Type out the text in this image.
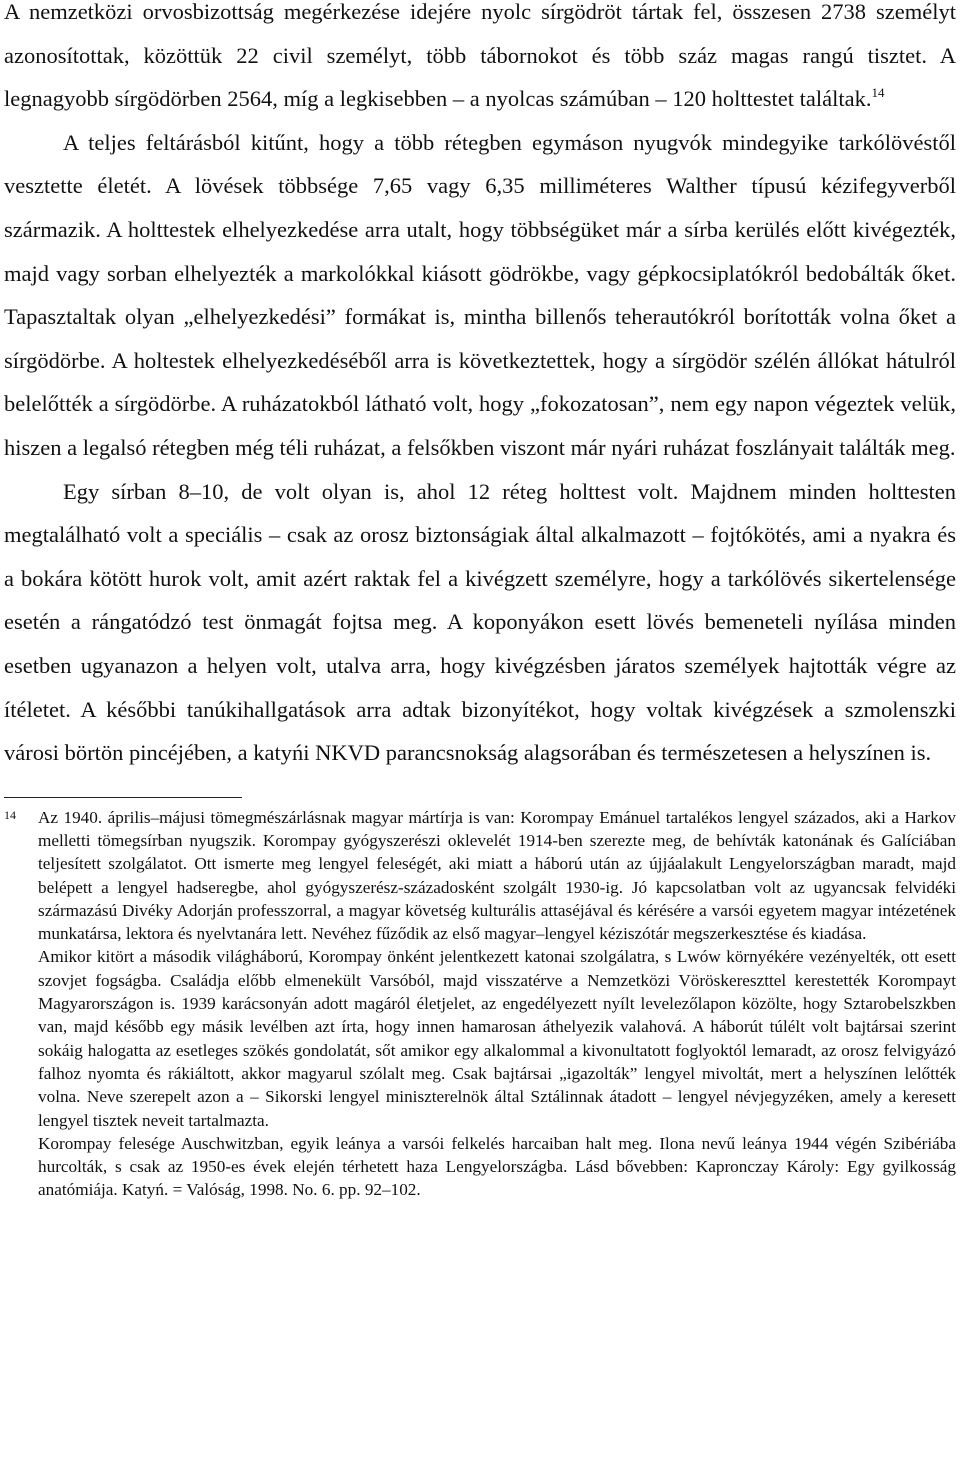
A nemzetközi orvosbizottság megérkezése idejére nyolc sírgödröt tártak fel, összesen 2738 személyt azonosítottak, közöttük 22 civil személyt, több tábornokot és több száz magas rangú tisztet. A legnagyobb sírgödörben 2564, míg a legkisebben – a nyolcas számúban – 120 holttestet találtak.$^{14}$

A teljes feltárásból kitűnt, hogy a több rétegben egymáson nyugvók mindegyike tarkólövéstől vesztette életét. A lövések többsége 7,65 vagy 6,35 milliméteres Walther típusú kézifegyverből származik. A holttestek elhelyezkedése arra utalt, hogy többségüket már a sírba kerülés előtt kivégezték, majd vagy sorban elhelyezték a markolókkal kiásott gödrökbe, vagy gépkocsiplatókról bedobálták őket. Tapasztaltak olyan „elhelyezkedési” formákat is, mintha billenős teherautókról borították volna őket a sírgödörbe. A holtestek elhelyezkedéséből arra is következtettek, hogy a sírgödör szélén állókat hátulról belelőtték a sírgödörbe. A ruházatokból látható volt, hogy „fokozatosan”, nem egy napon végeztek velük, hiszen a legalsó rétegben még téli ruházat, a felsőkben viszont már nyári ruházat foszlányait találták meg.

Egy sírban 8–10, de volt olyan is, ahol 12 réteg holttest volt. Majdnem minden holttesten megtalálható volt a speciális – csak az orosz biztonságiak által alkalmazott – fojtókötés, ami a nyakra és a bokára kötött hurok volt, amit azért raktak fel a kivégzett személyre, hogy a tarkólövés sikertelensége esetén a rángatódzó test önmagát fojtsa meg. A koponyákon esett lövés bemeneteli nyílása minden esetben ugyanazon a helyen volt, utalva arra, hogy kivégzésben járatos személyek hajtották végre az ítéletet. A későbbi tanúkihallgatások arra adtak bizonyítékot, hogy voltak kivégzések a szmolenszki városi börtön pincéjében, a katyńi NKVD parancsnokság alagsorában és természetesen a helyszínen is.

14 Az 1940. április–májusi tömegmészárlásnak magyar mártírja is van: Korompay Emánuel tartalékos lengyel százados, aki a Harkov melletti tömegsírban nyugszik. Korompay gyógyszerészi oklevelét 1914-ben szerezte meg, de behívták katonának és Galíciában teljesített szolgálatot. Ott ismerte meg lengyel feleségét, aki miatt a háború után az újjáalakult Lengyelországban maradt, majd belépett a lengyel hadseregbe, ahol gyógyszerész-századosként szolgált 1930-ig. Jó kapcsolatban volt az ugyancsak felvidéki származású Divéky Adorján professzorral, a magyar követség kulturális attaséjával és kérésére a varsói egyetem magyar intézetének munkatársa, lektora és nyelvtanára lett. Nevéhez fűződik az első magyar–lengyel kéziszótár megszerkesztése és kiadása.

Amikor kitört a második világháború, Korompay önként jelentkezett katonai szolgálatra, s Lwów környékére vezényelték, ott esett szovjet fogságba. Családja előbb elmenekült Varsóból, majd visszatérve a Nemzetközi Vöröskereszttel kerestették Korompayt Magyarországon is. 1939 karácsonyán adott magáról életjelet, az engedélyezett nyílt levelezőlapon közölte, hogy Sztarobelszkben van, majd később egy másik levélben azt írta, hogy innen hamarosan áthelyezik valahová. A háborút túlélt volt bajtársai szerint sokáig halogatta az esetleges szökés gondolatát, sőt amikor egy alkalommal a kivonultatott foglyoktól lemaradt, az orosz felvigyázó falhoz nyomta és rákiáltott, akkor magyarul szólalt meg. Csak bajtársai „igazolták” lengyel mivoltát, mert a helyszínen lelőtték volna. Neve szerepelt azon a – Sikorski lengyel miniszterelnök által Sztálinnak átadott – lengyel névjegyzéken, amely a keresett lengyel tisztek neveit tartalmazta.

Korompay felesége Auschwitzban, egyik leánya a varsói felkelés harcaiban halt meg. Ilona nevű leánya 1944 végén Szibériába hurcolták, s csak az 1950-es évek elején térhetett haza Lengyelországba. Lásd bővebben: Kapronczay Károly: Egy gyilkosság anatómiája. Katyń. = Valóság, 1998. No. 6. pp. 92–102.
